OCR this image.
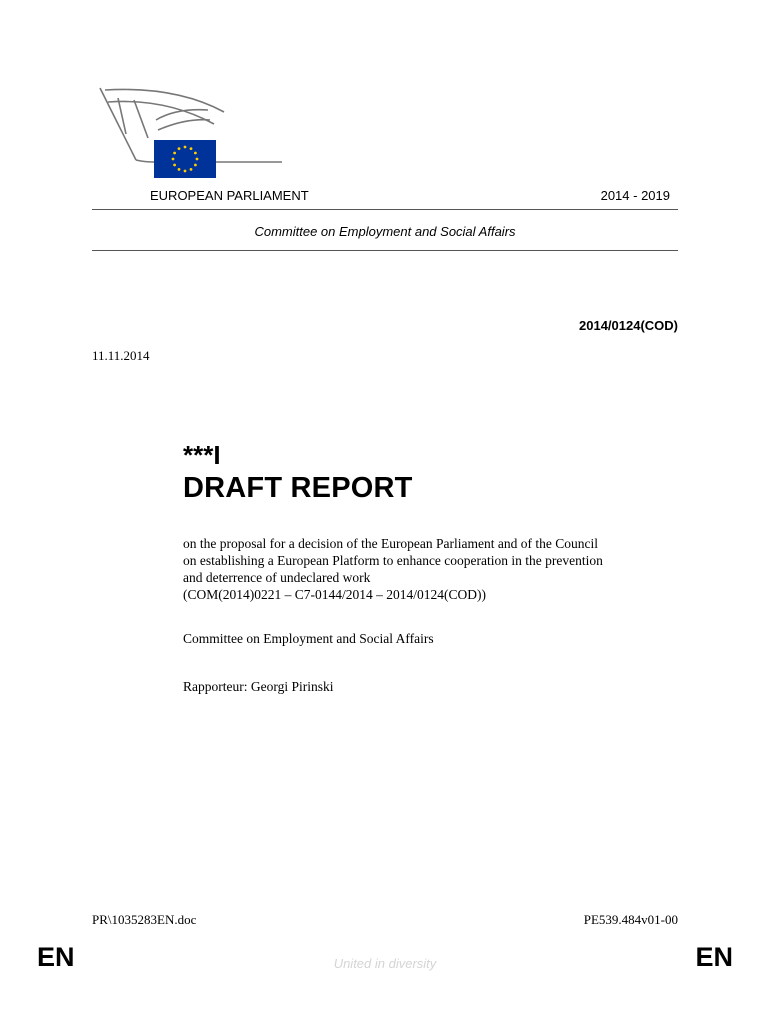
EUROPEAN PARLIAMENT	2014 - 2019
Committee on Employment and Social Affairs
2014/0124(COD)
11.11.2014
***I
DRAFT REPORT
on the proposal for a decision of the European Parliament and of the Council
on establishing a European Platform to enhance cooperation in the prevention
and deterrence of undeclared work
(COM(2014)0221 – C7-0144/2014 – 2014/0124(COD))
Committee on Employment and Social Affairs
Rapporteur: Georgi Pirinski
PR\1035283EN.doc	PE539.484v01-00
EN	United in diversity	EN
